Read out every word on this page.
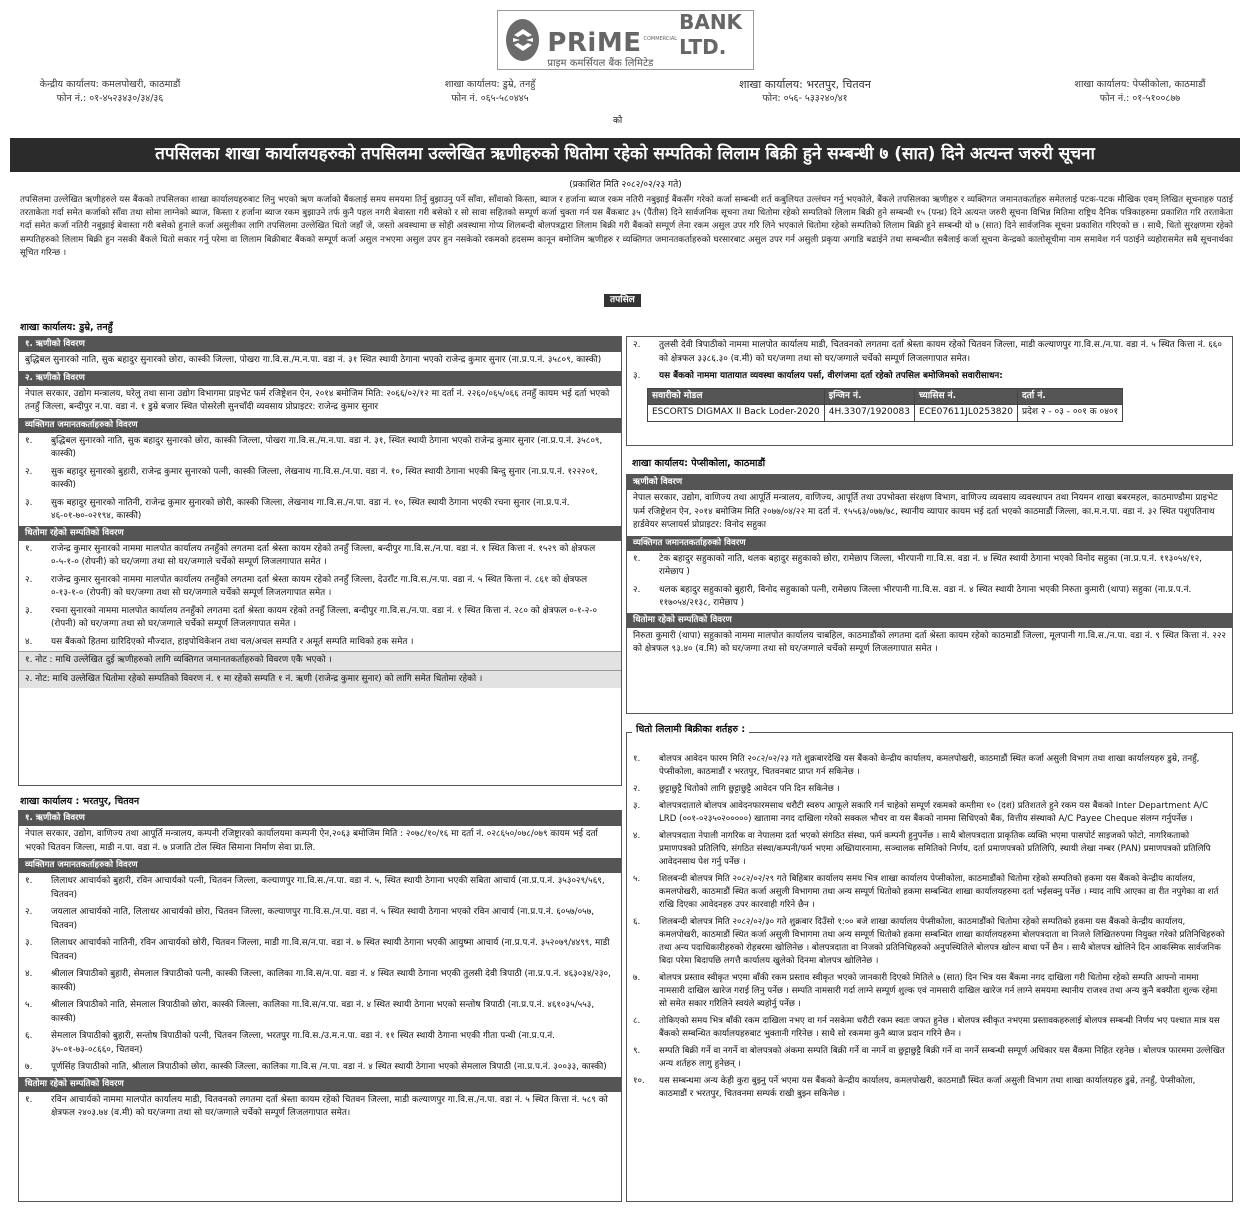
PRiME COMMERCIAL
BANK LTD.
प्राइम कमर्सियल बैंक लिमिटेड
केन्द्रीय कार्यालय: कमलपोखरी, काठमाडौं
फोन नं.: ०१-४५२३४३०/३४/३६
शाखा कार्यालय: डुम्रे, तनहुँ
फोन नं. ०६५-५८०४४५
शाखा कार्यालय: भरतपुर, चितवन
फोन: ०५६- ५३३२४०/४१
शाखा कार्यालय: पेप्सीकोला, काठमाडौं
फोन नं.: ०१-५१००८७७
को
तपसिलका शाखा कार्यालयहरुको तपसिलमा उल्लेखित ऋणीहरुको धितोमा रहेको सम्पतिको लिलाम बिक्री हुने सम्बन्धी ७ (सात) दिने अत्यन्त जरुरी सूचना
(प्रकाशित मिति २०८२/०२/२३ गते)
तपसिलमा उल्लेखित ऋणीहरुले यस बैंकको तपसिलका शाखा कार्यालयहरुबाट लिनु भएको ऋण कर्जाको बैंकलाई समय समयमा तिर्नु बुझाउनु पर्ने साँवा, साँवाको किस्ता, ब्याज र हर्जाना ब्याज रकम नतिरी नबुझाई बैंकसँग गरेको कर्जा सम्बन्धी शर्त कबुलियत उल्लंघन गर्नु भएकोले, बैंकले तपसिलका ऋणीहरु र व्यक्तिगत जमानतकर्ताहरु समेतलाई पटक-पटक मौखिक एवम् लिखित सूचनाहरु पठाई तरताकेता गर्दा समेत कर्जाको साँवा तथा सोमा लाग्नेको ब्याज, किस्ता र हर्जाना ब्याज रकम बुझाउने तर्फ कुनै पहल नगरी बेवास्ता गरी बसेको र सो सावा सहितको सम्पूर्ण कर्जा चुक्ता गर्न यस बैंकबाट ३५ (पैंतीस) दिने सार्वजनिक सूचना तथा धितोमा रहेको सम्पतिको लिलाम बिक्री हुने सम्बन्धी १५ (पन्ध्र) दिने अत्यन्त जरुरी सूचना विभिन्न मितिमा राष्ट्रिय दैनिक पत्रिकाहरुमा प्रकाशित गरि तरताकेता गर्दा समेत कर्जा नतिरी नबुझाई बेवास्ता गरी बसेको हुनाले कर्जा असुलीका लागि तपसिलमा उल्लेखित धितो जहाँ जे, जस्तो अवस्थामा छ सोही अवस्थामा गोप्य शिलबन्दी बोलपत्रद्वारा लिलाम बिक्री गरी बैंकको सम्पूर्ण लेना रकम असुल उपर गरि लिने भएकाले धितोमा रहेको सम्पतिको लिलाम बिक्री हुने सम्बन्धी यो ७ (सात) दिने सार्वजनिक सूचना प्रकाशित गरिएको छ । साथै, धितो सुरक्षणमा रहेको सम्पतिहरुको लिलाम बिक्री हुन नसकी बैंकले धितो सकार गर्नु परेमा वा लिलाम बिक्रीबाट बैंकको सम्पूर्ण कर्जा असुल नभएमा असुल उपर हुन नसकेको रकमको हदसम्म कानून बमोजिम ऋणीहरु र व्यक्तिगत जमानतकर्ताहरुको घरसारबाट असुल उपर गर्न असुली प्रकृया अगाडि बढाईने तथा सम्बन्धीत सबैलाई कर्जा सूचना केन्द्रको कालोसूचीमा नाम समावेश गर्न पठाईने व्यहोरासमेत सबै सूचनार्थका सूचित गरिन्छ ।
तपसिल
शाखा कार्यालय: डुम्रे, तनहुँ
१. ऋणीको विवरण
बुद्धिबल सुनारको नाति, सुक बहादुर सुनारको छोरा, कास्की जिल्ला, पोखरा गा.वि.स./म.न.पा. वडा नं. ३१ स्थित स्थायी ठेगाना भएको राजेन्द्र कुमार सुनार (ना.प्र.प.नं. ३५८०९, कास्की)
२. ऋणीको विवरण
नेपाल सरकार, उद्योग मन्त्रालय, घरेलु तथा साना उद्योग विभागमा प्राइभेट फर्म रजिष्ट्रेशन ऐन, २०१४ बमोजिम मिति: २०६६/०२/१२ मा दर्ता नं. २२६०/०६५/०६६ तनहुँ कायम भई दर्ता भएको तनहुँ जिल्ला, बन्दीपुर न.पा. वडा नं. १ डुम्रे बजार स्थित पोसरेली सुनचाँदी व्यवसाय प्रोप्राइटर: राजेन्द्र कुमार सुनार
व्यक्तिगत जमानतकर्ताहरुको विवरण
१.	बुद्धिबल सुनारको नाति, सुक बहादुर सुनारको छोरा, कास्की जिल्ला, पोखरा गा.वि.स./म.न.पा. वडा नं. ३१, स्थित स्थायी ठेगाना भएको राजेन्द्र कुमार सुनार (ना.प्र.प.नं. ३५८०९, कास्की)
२.	सुक बहादुर सुनारको बुहारी, राजेन्द्र कुमार सुनारको पत्नी, कास्की जिल्ला, लेखनाथ गा.वि.स./न.पा. वडा नं. १०, स्थित स्थायी ठेगाना भएकी बिन्दु सुनार (ना.प्र.प.नं. १२२२०१, कास्की)
३.	सुक बहादुर सुनारको नातिनी, राजेन्द्र कुमार सुनारको छोरी, कास्की जिल्ला, लेखनाथ गा.वि.स./न.पा. वडा नं. १०, स्थित स्थायी ठेगाना भएकी रचना सुनार (ना.प्र.प.नं. ४६-०१-७०-०२१९४, कास्की)
धितोमा रहेको सम्पतिको विवरण
१.	राजेन्द्र कुमार सुनारको नाममा मालपोत कार्यालय तनहुँको लगतमा दर्ता श्रेस्ता कायम रहेको तनहुँ जिल्ला, बन्दीपुर गा.वि.स./न.पा. वडा नं. १ स्थित कित्ता नं. १५२९ को क्षेत्रफल ०-५-१-० (रोपनी) को घर/जग्गा तथा सो घर/जग्गाले चर्चेको सम्पूर्ण लिजलगापात समेत ।
२.	राजेन्द्र कुमार सुनारको नाममा मालपोत कार्यालय तनहुँको लगतमा दर्ता श्रेस्ता कायम रहेको तनहुँ जिल्ला, देउराँट गा.वि.स./न.पा. वडा नं. ५ स्थित कित्ता नं. ८६१ को क्षेत्रफल ०-१३-१-० (रोपनी) को घर/जग्गा तथा सो घर/जग्गाले चर्चेको सम्पूर्ण लिजलगापात समेत ।
३.	रचना सुनारको नाममा मालपोत कार्यालय तनहुँको लगतमा दर्ता श्रेस्ता कायम रहेको तनहुँ जिल्ला, बन्दीपुर गा.वि.स./न.पा. वडा नं. १ स्थित कित्ता नं. २८० को क्षेत्रफल ०-१-२-० (रोपनी) को घर/जग्गा तथा सो घर/जग्गाले चर्चेको सम्पूर्ण लिजलगापात समेत ।
४.	यस बैंकको हितमा ग्रारिदिएको मौज्दात, हाइपोथिकेशन तथा चल/अचल सम्पति र अमूर्त सम्पति माथिको हक समेत ।
१. नोट : माथि उल्लेखित दुई ऋणीहरुको लागि व्यक्तिगत जमानतकर्ताहरुको विवरण एकै भएको ।
२. नोट: माथि उल्लेखित धितोमा रहेको सम्पतिको विवरण नं. १ मा रहेको सम्पति १ नं. ऋणी (राजेन्द्र कुमार सुनार) को लागि समेत धितोमा रहेको ।
शाखा कार्यालय : भरतपुर, चितवन
१. ऋणीको विवरण
नेपाल सरकार, उद्योग, वाणिज्य तथा आपूर्ति मन्त्रालय, कम्पनी रजिष्ट्रारको कार्यालयमा कम्पनी ऐन,२०६३ बमोजिम मिति : २०७८/१०/१६ मा दर्ता नं. ०२८६५०/०७८/०७९ कायम भई दर्ता भएको चितवन जिल्ला, माडी न.पा. वडा नं. ७ प्रजाति टोल स्थित सिमाना निर्माण सेवा प्रा.लि.
व्यक्तिगत जमानतकर्ताहरुको विवरण
१.	लिलाधर आचार्यको बुहारी, रविन आचार्यको पत्नी, चितवन जिल्ला, कल्याणपुर गा.वि.स./न.पा. वडा नं. ५, स्थित स्थायी ठेगाना भएकी सबिता आचार्य (ना.प्र.प.नं. ३५३०२९/५६९, चितवन)
२.	जयलाल आचार्यको नाति, लिलाधर आचार्यको छोरा, चितवन जिल्ला, कल्याणपुर गा.वि.स./न.पा. वडा नं. ५ स्थित स्थायी ठेगाना भएको रविन आचार्य (ना.प्र.प.नं. ६०५७/०५७, चितवन)
३.	लिलाधर आचार्यको नातिनी, रविन आचार्यको छोरी, चितवन जिल्ला, माडी गा.वि.स/न.पा. वडा नं. ७ स्थित स्थायी ठेगाना भएकी आयुष्मा आचार्य (ना.प्र.प.नं. ३५२०७९/४४९९, माडी चितवन)
४.	श्रीलाल त्रिपाठीको बुहारी, सेमलाल त्रिपाठीको पत्नी, कास्की जिल्ला, कालिका गा.वि.स/न.पा. वडा नं. ४ स्थित स्थायी ठेगाना भएकी तुलसी देवी त्रिपाठी (ना.प्र.प.नं. ४६३०३४/२३०, कास्की)
५.	श्रीलाल त्रिपाठीको नाति, सेमलाल त्रिपाठीको छोरा, कास्की जिल्ला, कालिका गा.वि.स/न.पा. वडा नं. ४ स्थित स्थायी ठेगाना भएको सन्तोष त्रिपाठी (ना.प्र.प.नं. ४६१०३५/५५३, कास्की)
६.	सेमलाल त्रिपाठीको बुहारी, सन्तोष त्रिपाठीको पत्नी, चितवन जिल्ला, भरतपुर गा.वि.स./उ.म.न.पा. वडा नं. ११ स्थित स्थायी ठेगाना भएकी गीता पन्थी (ना.प्र.प.नं. ३५-०१-७३-०८६६०, चितवन)
७.	पूर्णसिंह त्रिपाठीको नाति, श्रीलाल त्रिपाठीको छोरा, कास्की जिल्ला, कालिका गा.वि.स /न.पा. वडा नं. ४ स्थित स्थायी ठेगाना भएको सेमलाल त्रिपाठी (ना.प्र.प.नं. ३००३३, कास्की)
धितोमा रहेको सम्पतिको विवरण
१.	रविन आचार्यको नाममा मालपोत कार्यालय माडी, चितवनको लगतमा दर्ता श्रेस्ता कायम रहेको चितवन जिल्ला, माडी कल्याणपुर गा.वि.स./न.पा. वडा नं. ५ स्थित कित्ता नं. ५८९ को क्षेत्रफल २४०३.७४ (व.मी) को घर/जग्गा तथा सो घर/जग्गाले चर्चेको सम्पूर्ण लिजलगापात समेत।
२.	तुलसी देवी त्रिपाठीको नाममा मालपोत कार्यालय माडी, चितवनको लगतमा दर्ता श्रेस्ता कायम रहेको चितवन जिल्ला, माडी कल्याणपुर गा.वि.स./न.पा. वडा नं. ५ स्थित कित्ता नं. ६६० को क्षेत्रफल ३३८६.३० (व.मी) को घर/जग्गा तथा सो घर/जग्गाले चर्चेको सम्पूर्ण लिजलगापात समेत।
३.	यस बैंकको नाममा यातायात व्यवस्था कार्यालय पर्सा, वीरगंजमा दर्ता रहेको तपसिल बमोजिमको सवारीसाधन:
सवारीको मोडल	इन्जिन नं.	च्यासिस नं.	दर्ता नं.
ESCORTS DIGMAX II Back Loder-2020	4H.3307/1920083	ECE07611JL0253820	प्रदेश २ - ०३ - ००१ क ०४०१
शाखा कार्यालय: पेप्सीकोला, काठमाडौं
ऋणीको विवरण
नेपाल सरकार, उद्योग, वाणिज्य तथा आपूर्ति मन्त्रालय, वाणिज्य, आपूर्ति तथा उपभोक्ता संरक्षण विभाग, वाणिज्य व्यवसाय व्यवस्थापन तथा नियमन शाखा बबरमहल, काठमाण्डौमा प्राइभेट फर्म रजिष्ट्रेशन ऐन, २०१४ बमोजिम मिति २०७७/०४/२२ मा दर्ता नं. १५५६३/०७७/७८, स्थानीय व्यापार कायम भई दर्ता भएको काठमाडौं जिल्ला, का.म.न.पा. वडा नं. ३२ स्थित पशुपतिनाथ हार्डवेयर सप्लायर्स प्रोप्राइटर: विनोद सहुका
व्यक्तिगत जमानतकर्ताहरुको विवरण
१.	टेक बहादुर सहुकाको नाति, थलक बहादुर सहुकाको छोरा, रामेछाप जिल्ला, भीरपानी गा.वि.स. वडा नं. ४ स्थित स्थायी ठेगाना भएको विनोद सहुका (ना.प्र.प.नं. ११३०५४/१२, रामेछाप )
२.	थलक बहादुर सहुकाको बुहारी, विनोद सहुकाको पत्नी, रामेछाप जिल्ला भीरपानी गा.वि.स. वडा नं. ४ स्थित स्थायी ठेगाना भएकी निरुता कुमारी (थापा) सहुका (ना.प्र.प.नं. ११७०५४/२१३८, रामेछाप )
धितोमा रहेको सम्पतिको विवरण
निरुता कुमारी (थापा) सहुकाको नाममा मालपोत कार्यालय चाबहिल, काठमाडौंको लगतमा दर्ता श्रेस्ता कायम रहेको काठमाडौं जिल्ला, मूलपानी गा.वि.स./न.पा. वडा नं. ९ स्थित कित्ता नं. २२२ को क्षेत्रफल ९३.४० (व.मि) को घर/जग्गा तथा सो घर/जग्गाले चर्चेको सम्पूर्ण लिजलगापात समेत ।
१.	बोलपत्र आवेदन फारम मिति २०८२/०२/२३ गते शुक्रबारदेखि यस बैंकको केन्द्रीय कार्यालय, कमलपोखरी, काठमाडौं स्थित कर्जा असुली विभाग तथा शाखा कार्यालयहरु डुम्रे, तनहुँ, पेप्सीकोला, काठमाडौं र भरतपुर, चितवनबाट प्राप्त गर्न सकिनेछ ।
२.	छुट्टाछुट्टै धितोको लागि छुट्टाछुट्टै आवेदन पनि दिन सकिनेछ ।
३.	बोलपत्रदाताले बोलपत्र आवेदनफारमसाथ धरौटी स्वरुप आफूले सकारि गर्न चाहेको सम्पूर्ण रकमको कम्तीमा १० (दश) प्रतिशतले हुने रकम यस बैंकको Inter Department A/C LRD (००१-०२३५०२०००००) खातामा नगद दाखिला गरेको सक्कल भौचर वा यस बैंकको नाममा सिधिएको बैंक, वित्तीय संस्थाको A/C Payee Cheque संलग्न गर्नुपर्नेछ ।
४.	बोलपत्रदाता नेपाली नागरिक वा नेपालमा दर्ता भएको संगठित संस्था, फर्म कम्पनी हुनुपर्नेछ । साथै बोलपत्रदाता प्राकृतिक व्यक्ति भएमा पासपोर्ट साइजको फोटो, नागरिकताको प्रमाणपत्रको प्रतिलिपि, संगठित संस्था/कम्पनी/फर्म भएमा अख्तियारनामा, सञ्चालक समितिको निर्णय, दर्ता प्रमाणपत्रको प्रतिलिपि, स्थायी लेखा नम्बर (PAN) प्रमाणपत्रको प्रतिलिपि आवेदनसाथ पेश गर्नु पर्नेछ ।
५.	शिलबन्दी बोलपत्र मिति २०८२/०२/२९ गते बिहिबार कार्यालय समय भित्र शाखा कार्यालय पेप्सीकोला, काठमाडौंको धितोमा रहेको सम्पतिको हकमा यस बैंकको केन्द्रीय कार्यालय, कमलपोखरी, काठमाडौं स्थित कर्जा असुली विभागमा तथा अन्य सम्पूर्ण धितोको हकमा सम्बन्धित शाखा कार्यालयहरुमा दर्ता भईसक्नु पर्नेछ । म्याद नाघि आएका वा रीत नपुगेका वा शर्त राखि दिएका आवेदनहरु उपर कारवाही गरिने छैन ।
६.	शिलबन्दी बोलपत्र मिति २०८२/०२/३० गते शुक्रबार दिउँसो १:०० बजे शाखा कार्यालय पेप्सीकोला, काठमाडौंको धितोमा रहेको सम्पतिको हकमा यस बैंकको केन्द्रीय कार्यालय, कमलपोखरी, काठमाडौं स्थित कर्जा असुली विभागमा तथा अन्य सम्पूर्ण धितोको हकमा सम्बन्धित शाखा कार्यालयहरुमा बोलपत्रदाता वा निजले लिखितरुपमा नियुक्त गरेको प्रतिनिधिहरुको तथा अन्य पदाधिकारीहरुको रोहबरमा खोलिनेछ । बोलपत्रदाता वा निजको प्रतिनिधिहरुको अनुपस्थितिले बोलपत्र खोल्न बाधा पर्ने छैन । साथै बोलपत्र खोलिने दिन आकस्मिक सार्वजनिक बिदा परेमा बिदापछि लगत्तै कार्यालय खुलेको दिनमा बोलपत्र खोलिनेछ ।
७.	बोलपत्र प्रस्ताव स्वीकृत भएमा बाँकी रकम प्रस्ताव स्वीकृत भएको जानकारी दिएको मितिले ७ (सात) दिन भित्र यस बैंकमा नगद दाखिला गरी धितोमा रहेको सम्पति आफ्नो नाममा नामसारी दाखिल खारेज गराई लिनु पर्नेछ । सम्पति नामसारी गर्दा लाग्ने सम्पूर्ण शुल्क एवं नामसारी दाखिल खारेज गर्न लाग्ने समयमा स्थानीय राजश्व तथा अन्य कुनै बक्यौता शुल्क रहेमा सो समेत सकार गरिलिने स्वयंले ब्यहोर्नु पर्नेछ ।
८.	तोकिएको समय भित्र बाँकी रकम दाखिला नभए वा गर्न नसकेमा धरौटी रकम स्वतः जफत हुनेछ । बोलपत्र स्वीकृत नभएमा प्रस्तावकहरुलाई बोलपत्र सम्बन्धी निर्णय भए पश्चात मात्र यस बैंकको सम्बन्धित कार्यालयहरुबाट भुक्तानी गरिनेछ । साथै सो रकममा कुनै ब्याज प्रदान गरिने छैन ।
९.	सम्पति बिक्री गर्ने वा नगर्ने वा बोलपत्रको अंकमा सम्पति बिक्री गर्ने वा नगर्ने वा छुट्टाछुट्टै बिक्री गर्ने वा नगर्ने सम्बन्धी सम्पूर्ण अधिकार यस बैंकमा निहित रहनेछ । बोलपत्र फारममा उल्लेखित अन्य शर्तहरु लागु हुनेछन् ।
१०.	यस सम्बन्धमा अन्य केही कुरा बुझ्नु पर्ने भएमा यस बैंकको केन्द्रीय कार्यालय, कमलपोखरी, काठमाडौं स्थित कर्जा असुली विभाग तथा शाखा कार्यालयहरु डुम्रे, तनहुँ, पेप्सीकोला, काठमाडौं र भरतपुर, चितवनमा सम्पर्क राखी बुझ्न सकिनेछ ।
धितो लिलामी बिक्रीका शर्तहरु :
